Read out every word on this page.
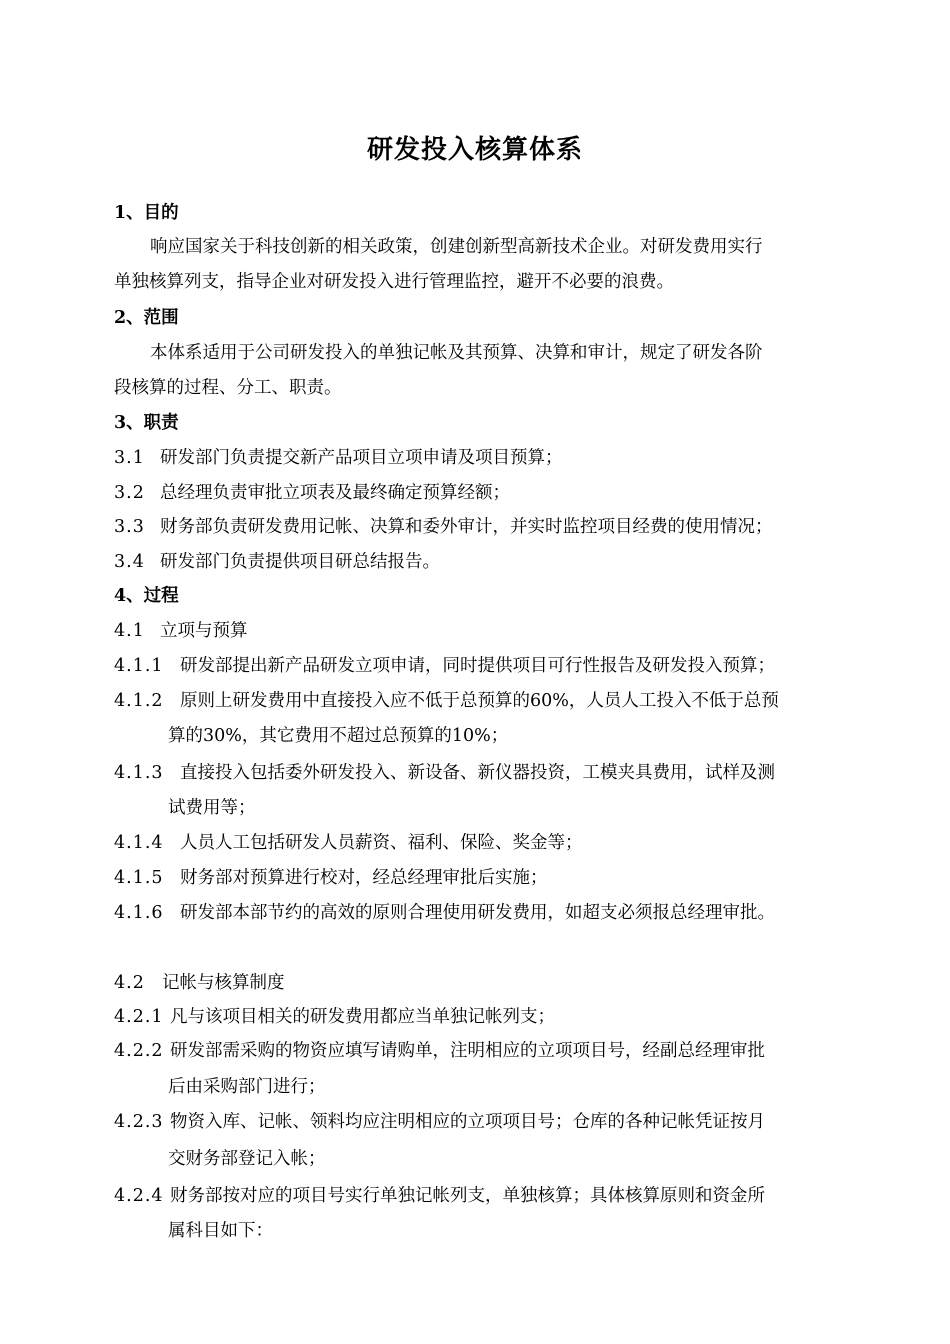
研发投入核算体系
1、目的
响应国家关于科技创新的相关政策，创建创新型高新技术企业。对研发费用实行
单独核算列支，指导企业对研发投入进行管理监控，避开不必要的浪费。
2、范围
本体系适用于公司研发投入的单独记帐及其预算、决算和审计，规定了研发各阶
段核算的过程、分工、职责。
3、职责
3.1 研发部门负责提交新产品项目立项申请及项目预算；
3.2 总经理负责审批立项表及最终确定预算经额；
3.3 财务部负责研发费用记帐、决算和委外审计，并实时监控项目经费的使用情况；
3.4 研发部门负责提供项目研总结报告。
4、过程
4.1 立项与预算
4.1.1 研发部提出新产品研发立项申请，同时提供项目可行性报告及研发投入预算；
4.1.2 原则上研发费用中直接投入应不低于总预算的60%，人员人工投入不低于总预
算的30%，其它费用不超过总预算的10%；
4.1.3 直接投入包括委外研发投入、新设备、新仪器投资，工模夹具费用，试样及测
试费用等；
4.1.4 人员人工包括研发人员薪资、福利、保险、奖金等；
4.1.5 财务部对预算进行校对，经总经理审批后实施；
4.1.6 研发部本部节约的高效的原则合理使用研发费用，如超支必须报总经理审批。
4.2 记帐与核算制度
4.2.1 凡与该项目相关的研发费用都应当单独记帐列支；
4.2.2 研发部需采购的物资应填写请购单，注明相应的立项项目号，经副总经理审批
后由采购部门进行；
4.2.3 物资入库、记帐、领料均应注明相应的立项项目号；仓库的各种记帐凭证按月
交财务部登记入帐；
4.2.4 财务部按对应的项目号实行单独记帐列支，单独核算；具体核算原则和资金所
属科目如下：
